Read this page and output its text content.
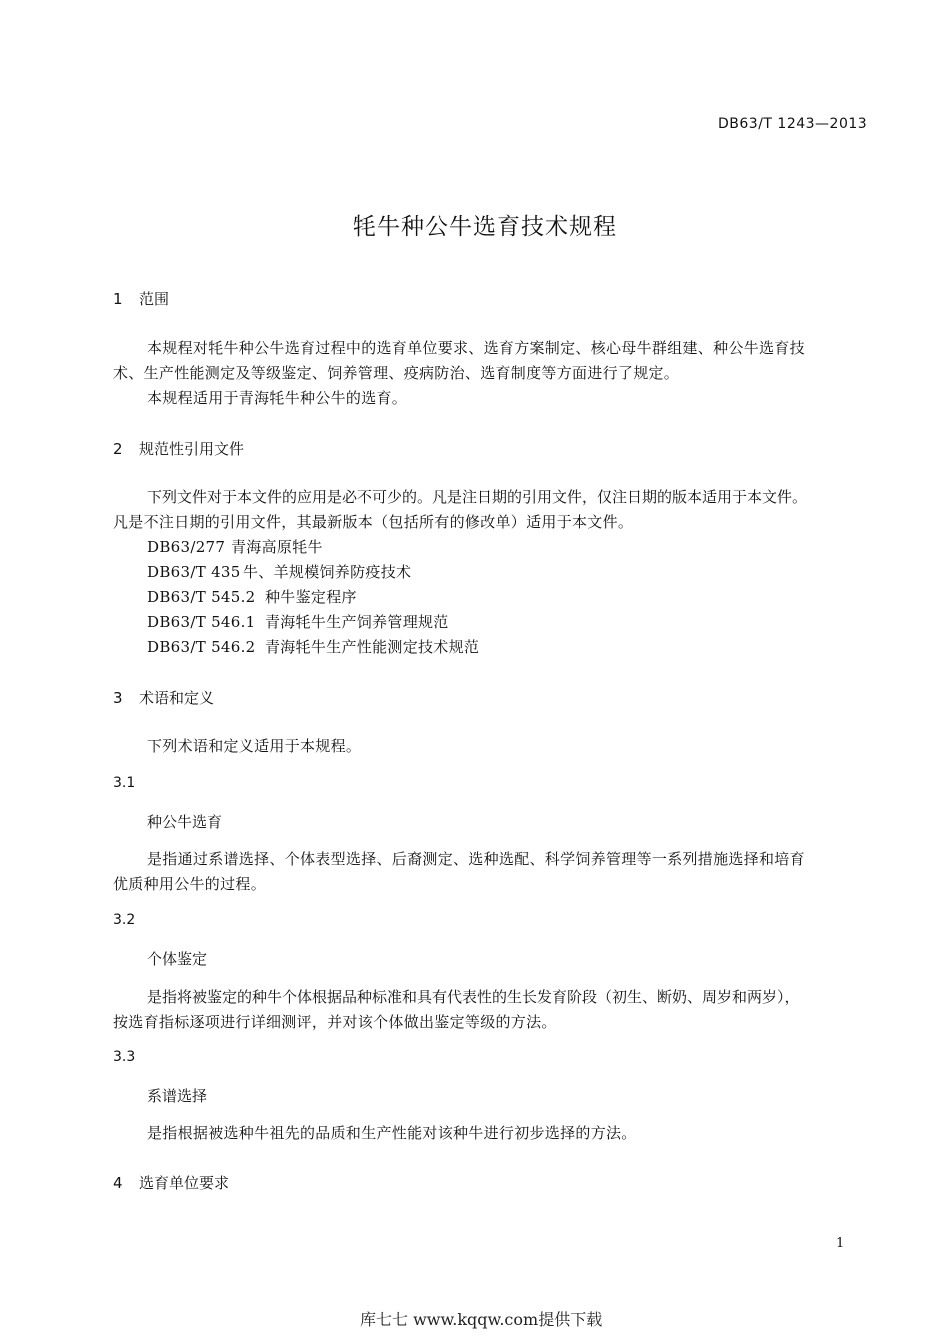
DB63/T 1243—2013
牦牛种公牛选育技术规程
1 范围
本规程对牦牛种公牛选育过程中的选育单位要求、选育方案制定、核心母牛群组建、种公牛选育技
术、生产性能测定及等级鉴定、饲养管理、疫病防治、选育制度等方面进行了规定。
本规程适用于青海牦牛种公牛的选育。
2 规范性引用文件
下列文件对于本文件的应用是必不可少的。凡是注日期的引用文件，仅注日期的版本适用于本文件。
凡是不注日期的引用文件，其最新版本（包括所有的修改单）适用于本文件。
DB63/277 青海高原牦牛
DB63/T 435 牛、羊规模饲养防疫技术
DB63/T 545.2 种牛鉴定程序
DB63/T 546.1 青海牦牛生产饲养管理规范
DB63/T 546.2 青海牦牛生产性能测定技术规范
3 术语和定义
下列术语和定义适用于本规程。
3.1
种公牛选育
是指通过系谱选择、个体表型选择、后裔测定、选种选配、科学饲养管理等一系列措施选择和培育
优质种用公牛的过程。
3.2
个体鉴定
是指将被鉴定的种牛个体根据品种标准和具有代表性的生长发育阶段（初生、断奶、周岁和两岁），
按选育指标逐项进行详细测评，并对该个体做出鉴定等级的方法。
3.3
系谱选择
是指根据被选种牛祖先的品质和生产性能对该种牛进行初步选择的方法。
4 选育单位要求
1
库七七 www.kqqw.com提供下载
